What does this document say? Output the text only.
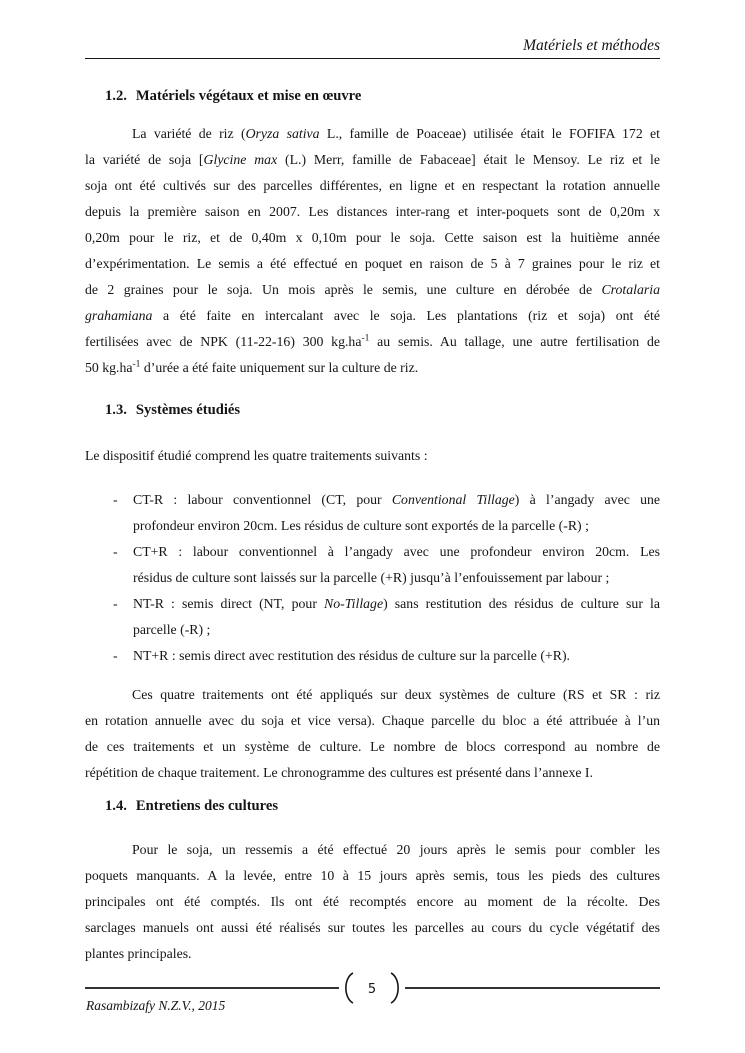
Matériels et méthodes
1.2. Matériels végétaux et mise en œuvre
La variété de riz (Oryza sativa L., famille de Poaceae) utilisée était le FOFIFA 172 et
la variété de soja [Glycine max (L.) Merr, famille de Fabaceae] était le Mensoy. Le riz et le
soja ont été cultivés sur des parcelles différentes, en ligne et en respectant la rotation annuelle
depuis la première saison en 2007. Les distances inter-rang et inter-poquets sont de 0,20m x
0,20m pour le riz, et de 0,40m x 0,10m pour le soja. Cette saison est la huitième année
d’expérimentation. Le semis a été effectué en poquet en raison de 5 à 7 graines pour le riz et
de 2 graines pour le soja. Un mois après le semis, une culture en dérobée de Crotalaria
grahamiana a été faite en intercalant avec le soja. Les plantations (riz et soja) ont été
fertilisées avec de NPK (11-22-16) 300 $kg.ha^{-1}$ au semis. Au tallage, une autre fertilisation de
50 $kg.ha^{-1}$ d’urée a été faite uniquement sur la culture de riz.
1.3. Systèmes étudiés
Le dispositif étudié comprend les quatre traitements suivants :
- CT-R : labour conventionnel (CT, pour Conventional Tillage) à l’angady avec une
profondeur environ 20cm. Les résidus de culture sont exportés de la parcelle (-R) ;
- CT+R : labour conventionnel à l’angady avec une profondeur environ 20cm. Les
résidus de culture sont laissés sur la parcelle (+R) jusqu’à l’enfouissement par labour ;
- NT-R : semis direct (NT, pour No-Tillage) sans restitution des résidus de culture sur la
parcelle (-R) ;
- NT+R : semis direct avec restitution des résidus de culture sur la parcelle (+R).
Ces quatre traitements ont été appliqués sur deux systèmes de culture (RS et SR : riz
en rotation annuelle avec du soja et vice versa). Chaque parcelle du bloc a été attribuée à l’un
de ces traitements et un système de culture. Le nombre de blocs correspond au nombre de
répétition de chaque traitement. Le chronogramme des cultures est présenté dans l’annexe I.
1.4. Entretiens des cultures
Pour le soja, un ressemis a été effectué 20 jours après le semis pour combler les
poquets manquants. A la levée, entre 10 à 15 jours après semis, tous les pieds des cultures
principales ont été comptés. Ils ont été recomptés encore au moment de la récolte. Des
sarclages manuels ont aussi été réalisés sur toutes les parcelles au cours du cycle végétatif des
plantes principales.
5
Rasambizafy N.Z.V., 2015
